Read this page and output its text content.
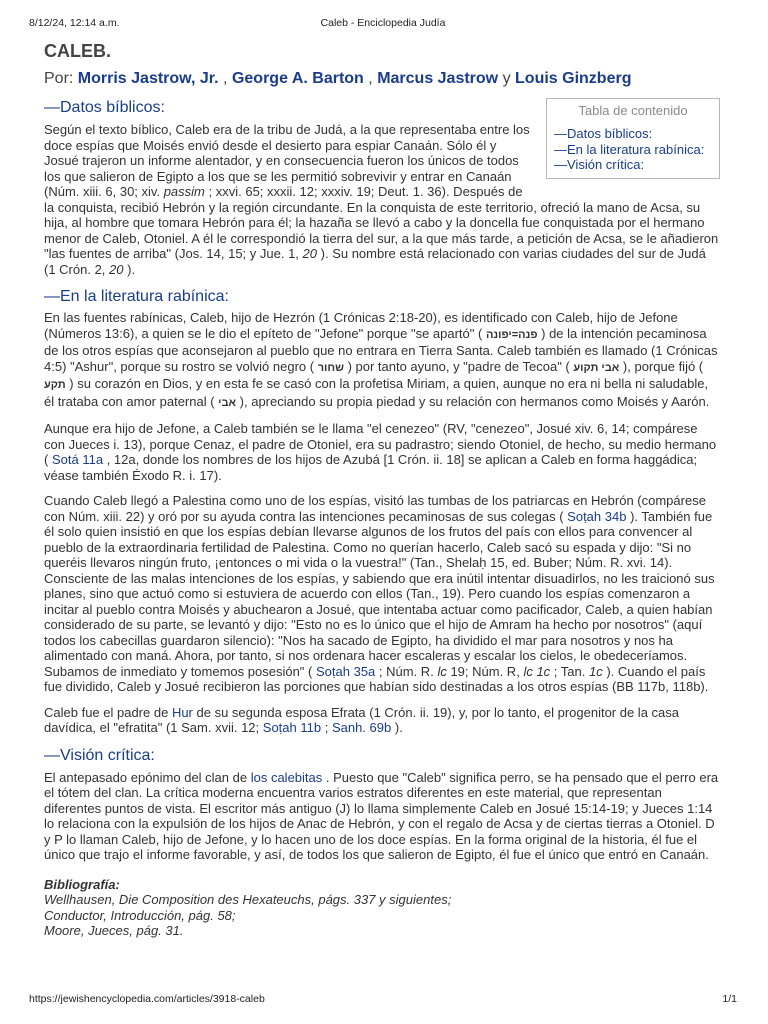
8/12/24, 12:14 a.m.	Caleb - Enciclopedia Judía
CALEB.
Por: Morris Jastrow, Jr. , George A. Barton , Marcus Jastrow y Louis Ginzberg
Tabla de contenido
—Datos bíblicos:
—En la literatura rabínica:
—Visión crítica:
—Datos bíblicos:

Según el texto bíblico, Caleb era de la tribu de Judá, a la que representaba entre los doce espías que Moisés envió desde el desierto para espiar Canaán. Sólo él y Josué trajeron un informe alentador, y en consecuencia fueron los únicos de todos los que salieron de Egipto a los que se les permitió sobrevivir y entrar en Canaán (Núm. xiii. 6, 30; xiv. passim ; xxvi. 65; xxxii. 12; xxxiv. 19; Deut. 1. 36). Después de la conquista, recibió Hebrón y la región circundante. En la conquista de este territorio, ofreció la mano de Acsa, su hija, al hombre que tomara Hebrón para él; la hazaña se llevó a cabo y la doncella fue conquistada por el hermano menor de Caleb, Otoniel. A él le correspondió la tierra del sur, a la que más tarde, a petición de Acsa, se le añadieron "las fuentes de arriba" (Jos. 14, 15; y Jue. 1, 20 ). Su nombre está relacionado con varias ciudades del sur de Judá (1 Crón. 2, 20 ).

—En la literatura rabínica:

En las fuentes rabínicas, Caleb, hijo de Hezrón (1 Crónicas 2:18-20), es identificado con Caleb, hijo de Jefone (Números 13:6), a quien se le dio el epíteto de "Jefone" porque "se apartó" ( פנה=יפונה ) de la intención pecaminosa de los otros espías que aconsejaron al pueblo que no entrara en Tierra Santa. Caleb también es llamado (1 Crónicas 4:5) "Ashur", porque su rostro se volvió negro ( שחור ) por tanto ayuno, y "padre de Tecoa" ( אבי תקוע ), porque fijó ( תקע ) su corazón en Dios, y en esta fe se casó con la profetisa Miriam, a quien, aunque no era ni bella ni saludable, él trataba con amor paternal ( אבי ), apreciando su propia piedad y su relación con hermanos como Moisés y Aarón.

Aunque era hijo de Jefone, a Caleb también se le llama "el cenezeo" (RV, "cenezeo", Josué xiv. 6, 14; compárese con Jueces i. 13), porque Cenaz, el padre de Otoniel, era su padrastro; siendo Otoniel, de hecho, su medio hermano ( Sotá 11a , 12a, donde los nombres de los hijos de Azubá [1 Crón. ii. 18] se aplican a Caleb en forma haggádica; véase también Éxodo R. i. 17).

Cuando Caleb llegó a Palestina como uno de los espías, visitó las tumbas de los patriarcas en Hebrón (compárese con Núm. xiii. 22) y oró por su ayuda contra las intenciones pecaminosas de sus colegas ( Soṭah 34b ). También fue él solo quien insistió en que los espías debían llevarse algunos de los frutos del país con ellos para convencer al pueblo de la extraordinaria fertilidad de Palestina. Como no querían hacerlo, Caleb sacó su espada y dijo: "Si no queréis llevaros ningún fruto, ¡entonces o mi vida o la vuestra!" (Tan., Shelaḥ 15, ed. Buber; Núm. R. xvi. 14). Consciente de las malas intenciones de los espías, y sabiendo que era inútil intentar disuadirlos, no les traicionó sus planes, sino que actuó como si estuviera de acuerdo con ellos (Tan., 19). Pero cuando los espías comenzaron a incitar al pueblo contra Moisés y abuchearon a Josué, que intentaba actuar como pacificador, Caleb, a quien habían considerado de su parte, se levantó y dijo: "Esto no es lo único que el hijo de Amram ha hecho por nosotros" (aquí todos los cabecillas guardaron silencio): "Nos ha sacado de Egipto, ha dividido el mar para nosotros y nos ha alimentado con maná. Ahora, por tanto, si nos ordenara hacer escaleras y escalar los cielos, le obedeceríamos. Subamos de inmediato y tomemos posesión" ( Soṭah 35a ; Núm. R. lc 19; Núm. R, lc 1c ; Tan. 1c ). Cuando el país fue dividido, Caleb y Josué recibieron las porciones que habían sido destinadas a los otros espías (BB 117b, 118b).

Caleb fue el padre de Hur de su segunda esposa Efrata (1 Crón. ii. 19), y, por lo tanto, el progenitor de la casa davídica, el "efratita" (1 Sam. xvii. 12; Soṭah 11b ; Sanh. 69b ).

—Visión crítica:

El antepasado epónimo del clan de los calebitas . Puesto que "Caleb" significa perro, se ha pensado que el perro era el tótem del clan. La crítica moderna encuentra varios estratos diferentes en este material, que representan diferentes puntos de vista. El escritor más antiguo (J) lo llama simplemente Caleb en Josué 15:14-19; y Jueces 1:14 lo relaciona con la expulsión de los hijos de Anac de Hebrón, y con el regalo de Acsa y de ciertas tierras a Otoniel. D y P lo llaman Caleb, hijo de Jefone, y lo hacen uno de los doce espías. En la forma original de la historia, él fue el único que trajo el informe favorable, y así, de todos los que salieron de Egipto, él fue el único que entró en Canaán.

Bibliografía:

Wellhausen, Die Composition des Hexateuchs, págs. 337 y siguientes;

Conductor, Introducción, pág. 58;

Moore, Jueces, pág. 31.

https://jewishencyclopedia.com/articles/3918-caleb	1/1
